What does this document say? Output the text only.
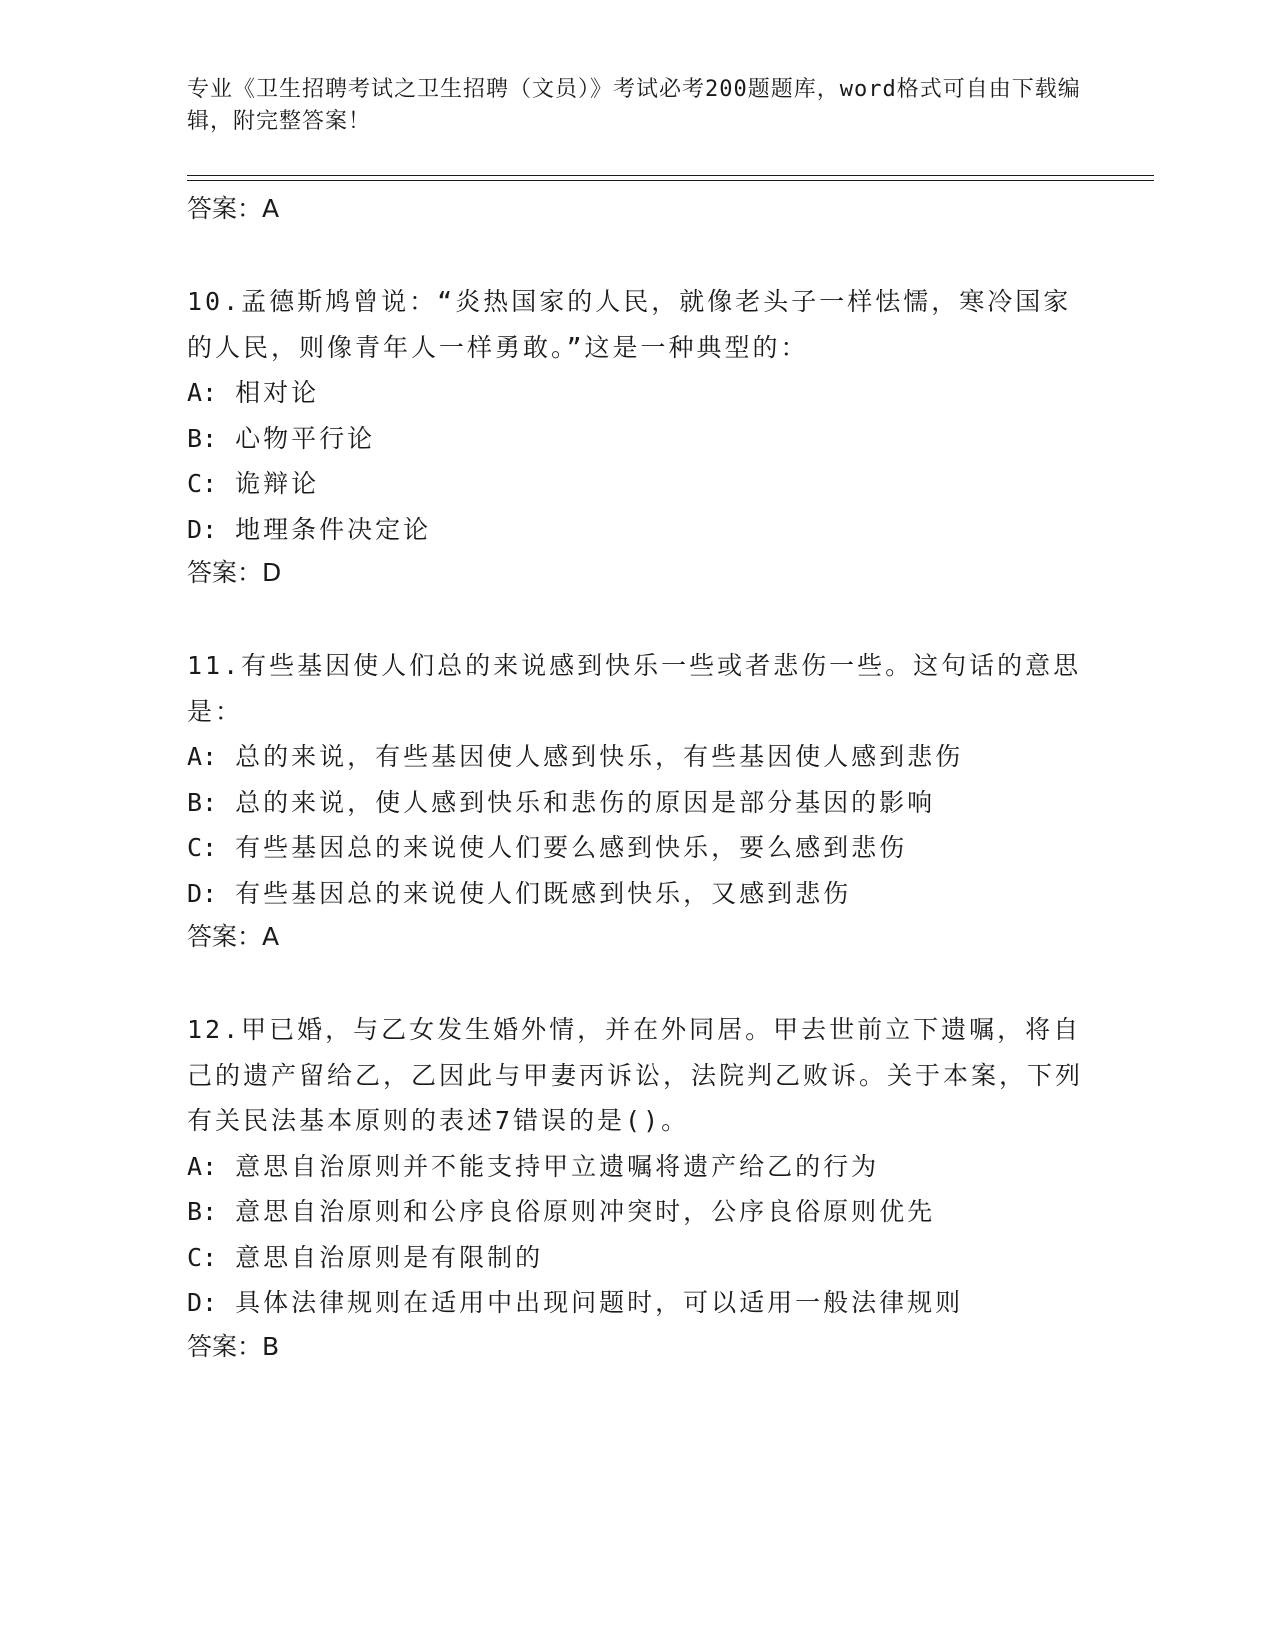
专业《卫生招聘考试之卫生招聘（文员）》考试必考200题题库，word格式可自由下载编辑，附完整答案！
答案：A
10.孟德斯鸠曾说：“炎热国家的人民，就像老头子一样怯懦，寒冷国家的人民，则像青年人一样勇敢。”这是一种典型的：
A: 相对论
B: 心物平行论
C: 诡辩论
D: 地理条件决定论
答案：D
11.有些基因使人们总的来说感到快乐一些或者悲伤一些。这句话的意思是：
A: 总的来说，有些基因使人感到快乐，有些基因使人感到悲伤
B: 总的来说，使人感到快乐和悲伤的原因是部分基因的影响
C: 有些基因总的来说使人们要么感到快乐，要么感到悲伤
D: 有些基因总的来说使人们既感到快乐，又感到悲伤
答案：A
12.甲已婚，与乙女发生婚外情，并在外同居。甲去世前立下遗嘱，将自己的遗产留给乙，乙因此与甲妻丙诉讼，法院判乙败诉。关于本案，下列有关民法基本原则的表述7错误的是()。
A: 意思自治原则并不能支持甲立遗嘱将遗产给乙的行为
B: 意思自治原则和公序良俗原则冲突时，公序良俗原则优先
C: 意思自治原则是有限制的
D: 具体法律规则在适用中出现问题时，可以适用一般法律规则
答案：B
